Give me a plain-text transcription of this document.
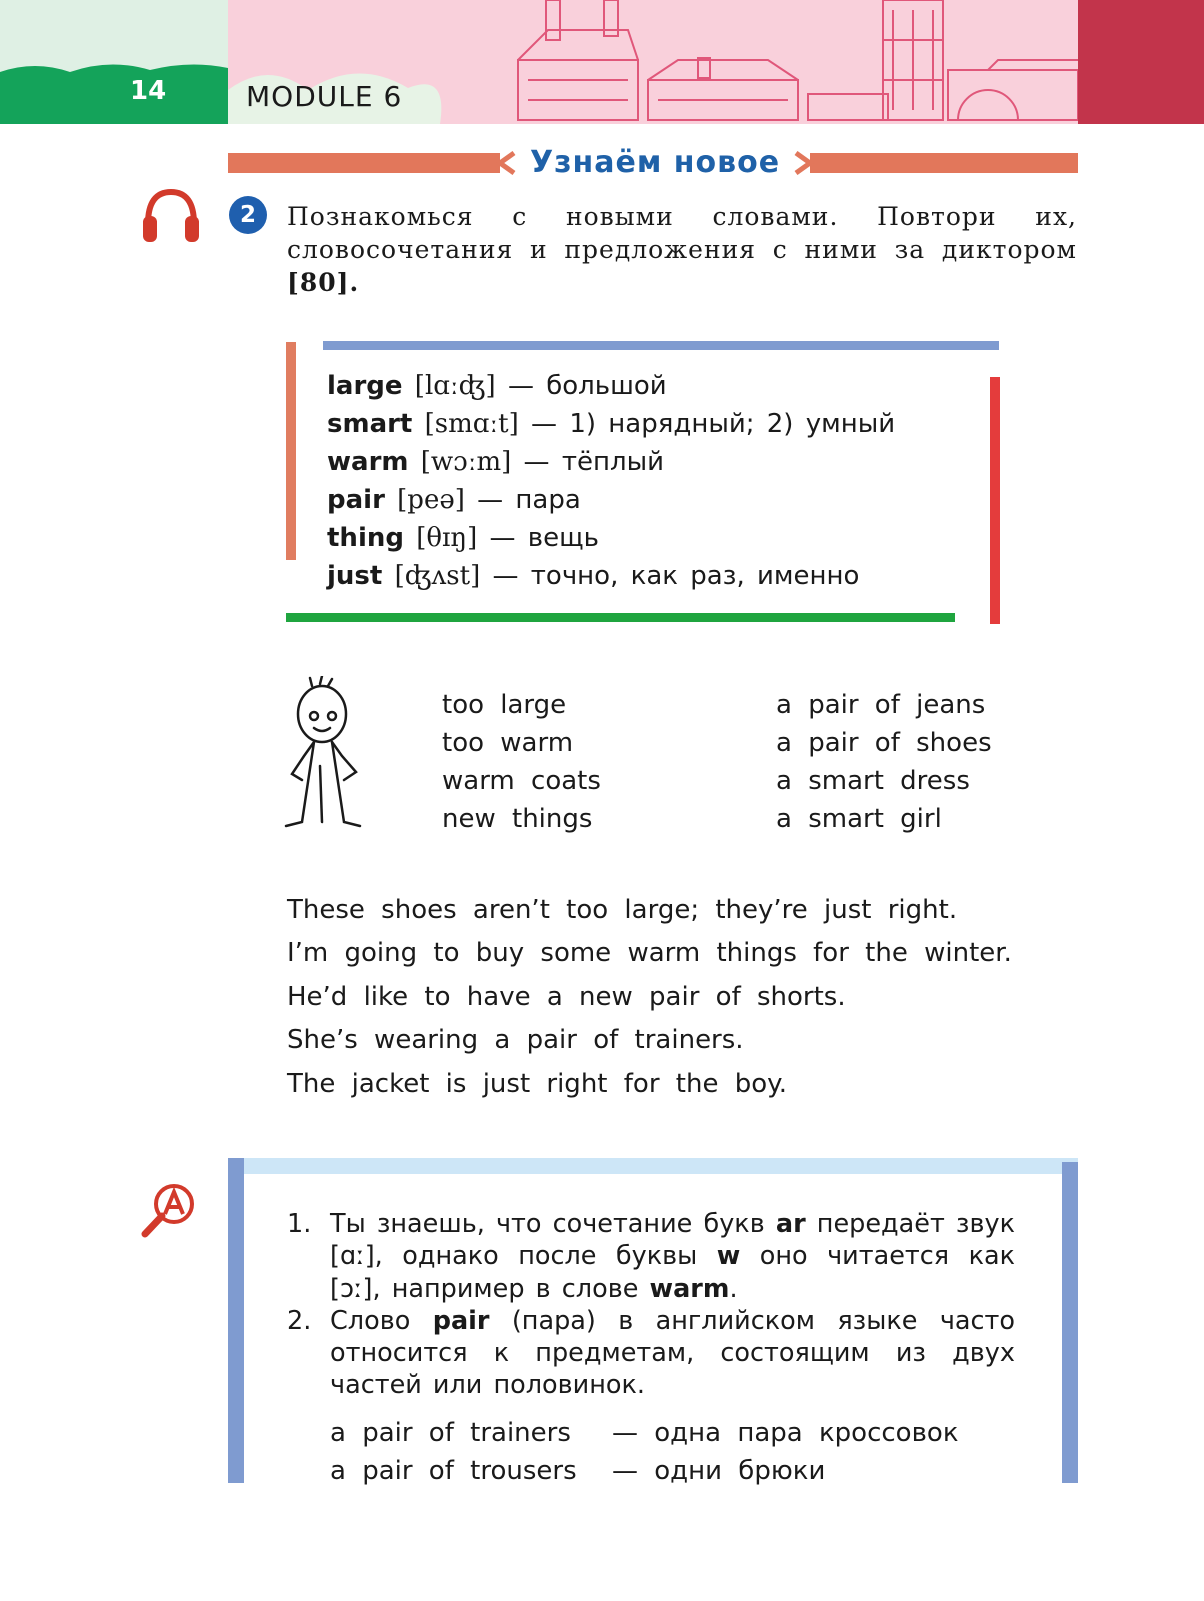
14	MODULE 6
Узнаём новое
2	Познакомься с новыми словами. Повтори их, словосочетания и предложения с ними за диктором [80].
large [lɑːʤ] — большой
smart [smɑːt] — 1) нарядный; 2) умный
warm [wɔːm] — тёплый
pair [peə] — пара
thing [θɪŋ] — вещь
just [ʤʌst] — точно, как раз, именно
too large
too warm
warm coats
new things
a pair of jeans
a pair of shoes
a smart dress
a smart girl
These shoes aren’t too large; they’re just right.
I’m going to buy some warm things for the winter.
He’d like to have a new pair of shorts.
She’s wearing a pair of trainers.
The jacket is just right for the boy.
1. Ты знаешь, что сочетание букв ar передаёт звук [ɑː], однако после буквы w оно читается как [ɔː], например в слове warm.
2. Слово pair (пара) в английском языке часто относится к предметам, состоящим из двух частей или половинок.
a pair of trainers — одна пара кроссовок
a pair of trousers — одни брюки
